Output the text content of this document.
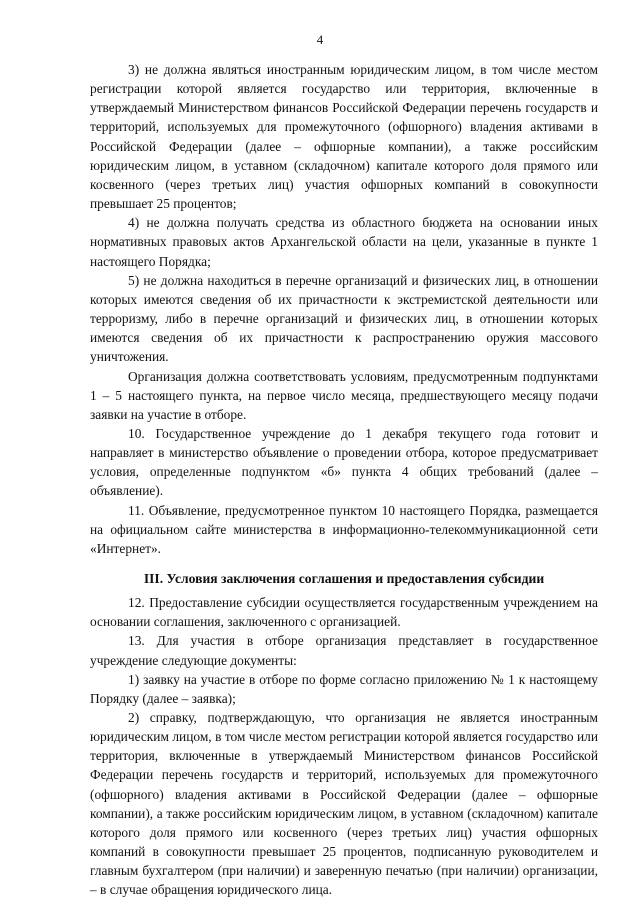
4

3) не должна являться иностранным юридическим лицом, в том числе местом регистрации которой является государство или территория, включенные в утверждаемый Министерством финансов Российской Федерации перечень государств и территорий, используемых для промежуточного (офшорного) владения активами в Российской Федерации (далее – офшорные компании), а также российским юридическим лицом, в уставном (складочном) капитале которого доля прямого или косвенного (через третьих лиц) участия офшорных компаний в совокупности превышает 25 процентов;

4) не должна получать средства из областного бюджета на основании иных нормативных правовых актов Архангельской области на цели, указанные в пункте 1 настоящего Порядка;

5) не должна находиться в перечне организаций и физических лиц, в отношении которых имеются сведения об их причастности к экстремистской деятельности или терроризму, либо в перечне организаций и физических лиц, в отношении которых имеются сведения об их причастности к распространению оружия массового уничтожения.

Организация должна соответствовать условиям, предусмотренным подпунктами 1 – 5 настоящего пункта, на первое число месяца, предшествующего месяцу подачи заявки на участие в отборе.

10. Государственное учреждение до 1 декабря текущего года готовит и направляет в министерство объявление о проведении отбора, которое предусматривает условия, определенные подпунктом «б» пункта 4 общих требований (далее – объявление).

11. Объявление, предусмотренное пунктом 10 настоящего Порядка, размещается на официальном сайте министерства в информационно-телекоммуникационной сети «Интернет».

III. Условия заключения соглашения и предоставления субсидии

12. Предоставление субсидии осуществляется государственным учреждением на основании соглашения, заключенного с организацией.

13. Для участия в отборе организация представляет в государственное учреждение следующие документы:

1) заявку на участие в отборе по форме согласно приложению № 1 к настоящему Порядку (далее – заявка);

2) справку, подтверждающую, что организация не является иностранным юридическим лицом, в том числе местом регистрации которой является государство или территория, включенные в утверждаемый Министерством финансов Российской Федерации перечень государств и территорий, используемых для промежуточного (офшорного) владения активами в Российской Федерации (далее – офшорные компании), а также российским юридическим лицом, в уставном (складочном) капитале которого доля прямого или косвенного (через третьих лиц) участия офшорных компаний в совокупности превышает 25 процентов, подписанную руководителем и главным бухгалтером (при наличии) и заверенную печатью (при наличии) организации, – в случае обращения юридического лица.
